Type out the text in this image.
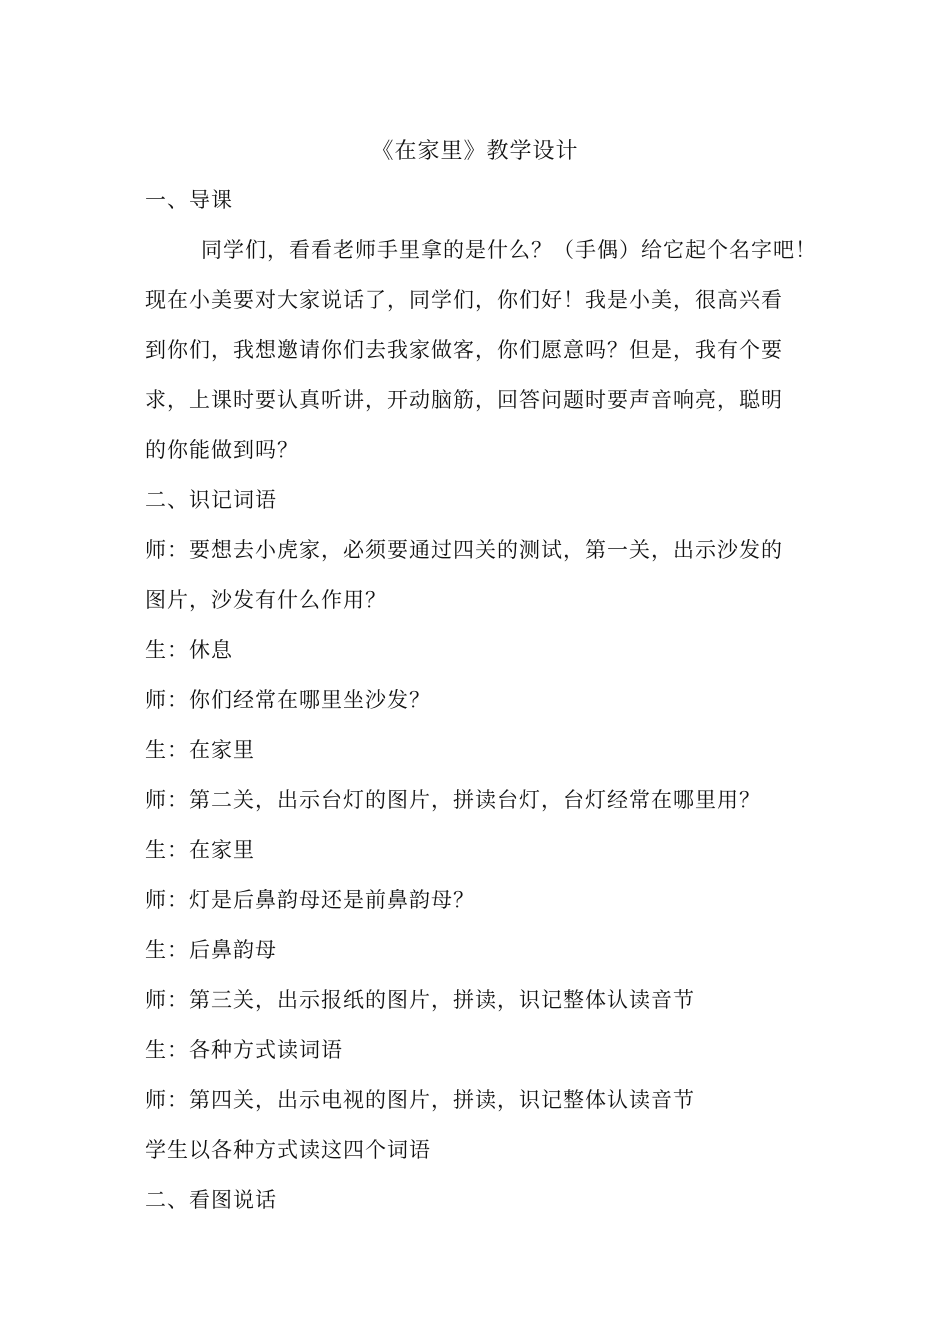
《在家里》教学设计
一、导课
同学们，看看老师手里拿的是什么？（手偶）给它起个名字吧！
现在小美要对大家说话了，同学们，你们好！我是小美，很高兴看
到你们，我想邀请你们去我家做客，你们愿意吗？但是，我有个要
求，上课时要认真听讲，开动脑筋，回答问题时要声音响亮，聪明
的你能做到吗？
二、识记词语
师：要想去小虎家，必须要通过四关的测试，第一关，出示沙发的
图片，沙发有什么作用？
生：休息
师：你们经常在哪里坐沙发？
生：在家里
师：第二关，出示台灯的图片，拼读台灯，台灯经常在哪里用？
生：在家里
师：灯是后鼻韵母还是前鼻韵母？
生：后鼻韵母
师：第三关，出示报纸的图片，拼读，识记整体认读音节
生：各种方式读词语
师：第四关，出示电视的图片，拼读，识记整体认读音节
学生以各种方式读这四个词语
二、看图说话
